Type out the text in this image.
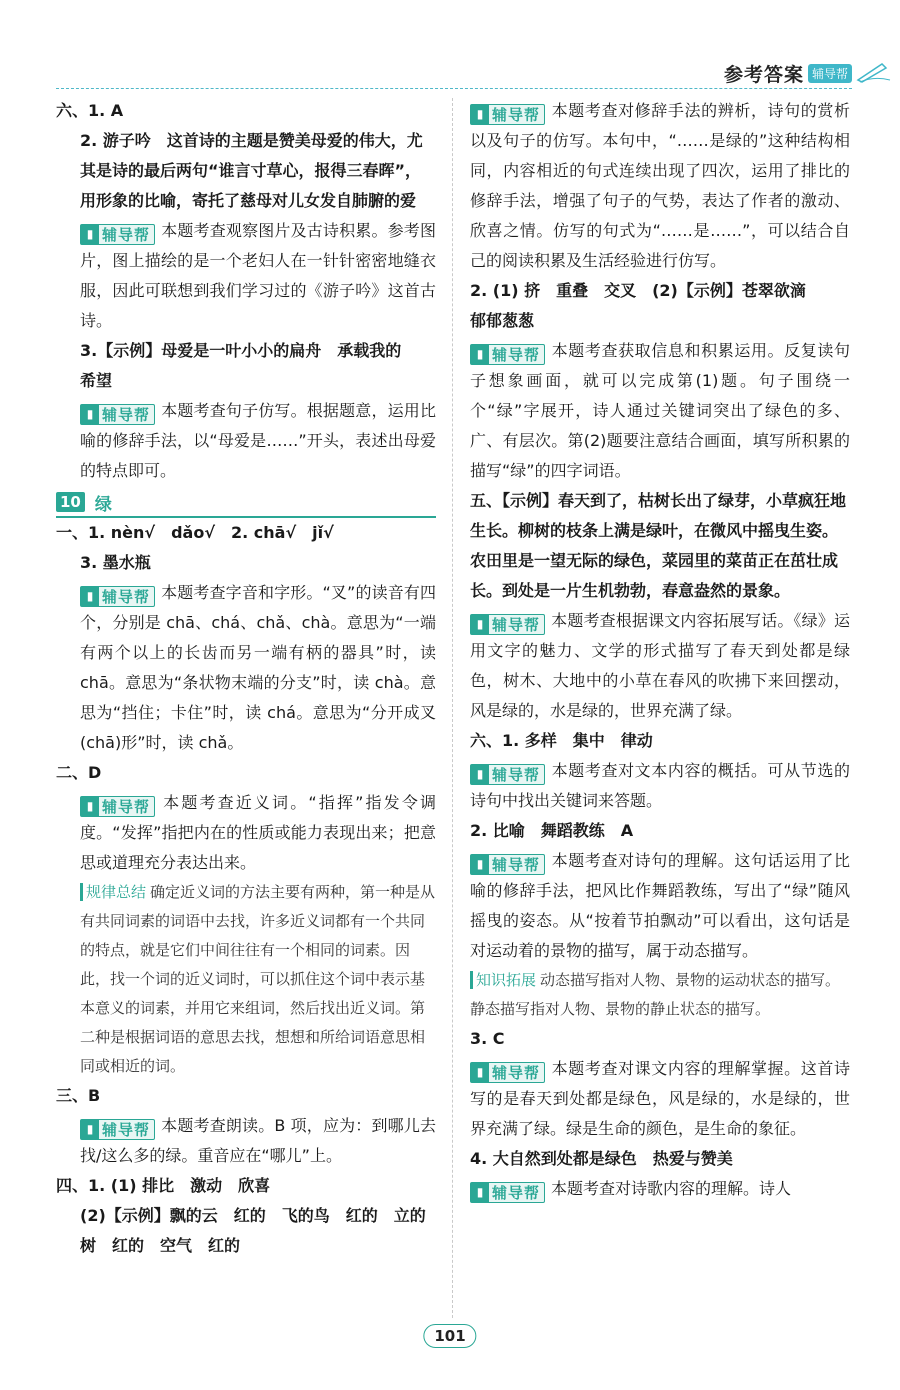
参考答案 辅导帮
六、1. A
2. 游子吟　这首诗的主题是赞美母爱的伟大，尤
其是诗的最后两句“谁言寸草心，报得三春晖”，
用形象的比喻，寄托了慈母对儿女发自肺腑的爱
▮ 辅导帮 本题考查观察图片及古诗积累。参考图片，图上描绘的是一个老妇人在一针针密密地缝衣服，因此可联想到我们学习过的《游子吟》这首古诗。
3.【示例】母爱是一叶小小的扁舟　承载我的
希望
▮ 辅导帮 本题考查句子仿写。根据题意，运用比喻的修辞手法，以“母爱是……”开头，表述出母爱的特点即可。
10 绿
一、1. nèn√　dǎo√　2. chā√　jǐ√
3. 墨水瓶
▮ 辅导帮 本题考查字音和字形。“叉”的读音有四个，分别是 chā、chá、chǎ、chà。意思为“一端有两个以上的长齿而另一端有柄的器具”时，读 chā。意思为“条状物末端的分支”时，读 chà。意思为“挡住；卡住”时，读 chá。意思为“分开成叉(chā)形”时，读 chǎ。
二、D
▮ 辅导帮 本题考查近义词。“指挥”指发令调度。“发挥”指把内在的性质或能力表现出来；把意思或道理充分表达出来。
规律总结 确定近义词的方法主要有两种，第一种是从有共同词素的词语中去找，许多近义词都有一个共同的特点，就是它们中间往往有一个相同的词素。因此，找一个词的近义词时，可以抓住这个词中表示基本意义的词素，并用它来组词，然后找出近义词。第二种是根据词语的意思去找，想想和所给词语意思相同或相近的词。
三、B
▮ 辅导帮 本题考查朗读。B 项，应为：到哪儿去找/这么多的绿。重音应在“哪儿”上。
四、1. (1) 排比　激动　欣喜
(2)【示例】飘的云　红的　飞的鸟　红的　立的
树　红的　空气　红的
▮ 辅导帮 本题考查对修辞手法的辨析，诗句的赏析以及句子的仿写。本句中，“……是绿的”这种结构相同，内容相近的句式连续出现了四次，运用了排比的修辞手法，增强了句子的气势，表达了作者的激动、欣喜之情。仿写的句式为“……是……”，可以结合自己的阅读积累及生活经验进行仿写。
2. (1) 挤　重叠　交叉　(2)【示例】苍翠欲滴
郁郁葱葱
▮ 辅导帮 本题考查获取信息和积累运用。反复读句子想象画面，就可以完成第(1)题。句子围绕一个“绿”字展开，诗人通过关键词突出了绿色的多、广、有层次。第(2)题要注意结合画面，填写所积累的描写“绿”的四字词语。
五、【示例】春天到了，枯树长出了绿芽，小草疯狂地生长。柳树的枝条上满是绿叶，在微风中摇曳生姿。农田里是一望无际的绿色，菜园里的菜苗正在茁壮成长。到处是一片生机勃勃，春意盎然的景象。
▮ 辅导帮 本题考查根据课文内容拓展写话。《绿》运用文字的魅力、文学的形式描写了春天到处都是绿色，树木、大地中的小草在春风的吹拂下来回摆动，风是绿的，水是绿的，世界充满了绿。
六、1. 多样　集中　律动
▮ 辅导帮 本题考查对文本内容的概括。可从节选的诗句中找出关键词来答题。
2. 比喻　舞蹈教练　A
▮ 辅导帮 本题考查对诗句的理解。这句话运用了比喻的修辞手法，把风比作舞蹈教练，写出了“绿”随风摇曳的姿态。从“按着节拍飘动”可以看出，这句话是对运动着的景物的描写，属于动态描写。
知识拓展 动态描写指对人物、景物的运动状态的描写。静态描写指对人物、景物的静止状态的描写。
3. C
▮ 辅导帮 本题考查对课文内容的理解掌握。这首诗写的是春天到处都是绿色，风是绿的，水是绿的，世界充满了绿。绿是生命的颜色，是生命的象征。
4. 大自然到处都是绿色　热爱与赞美
▮ 辅导帮 本题考查对诗歌内容的理解。诗人
101
